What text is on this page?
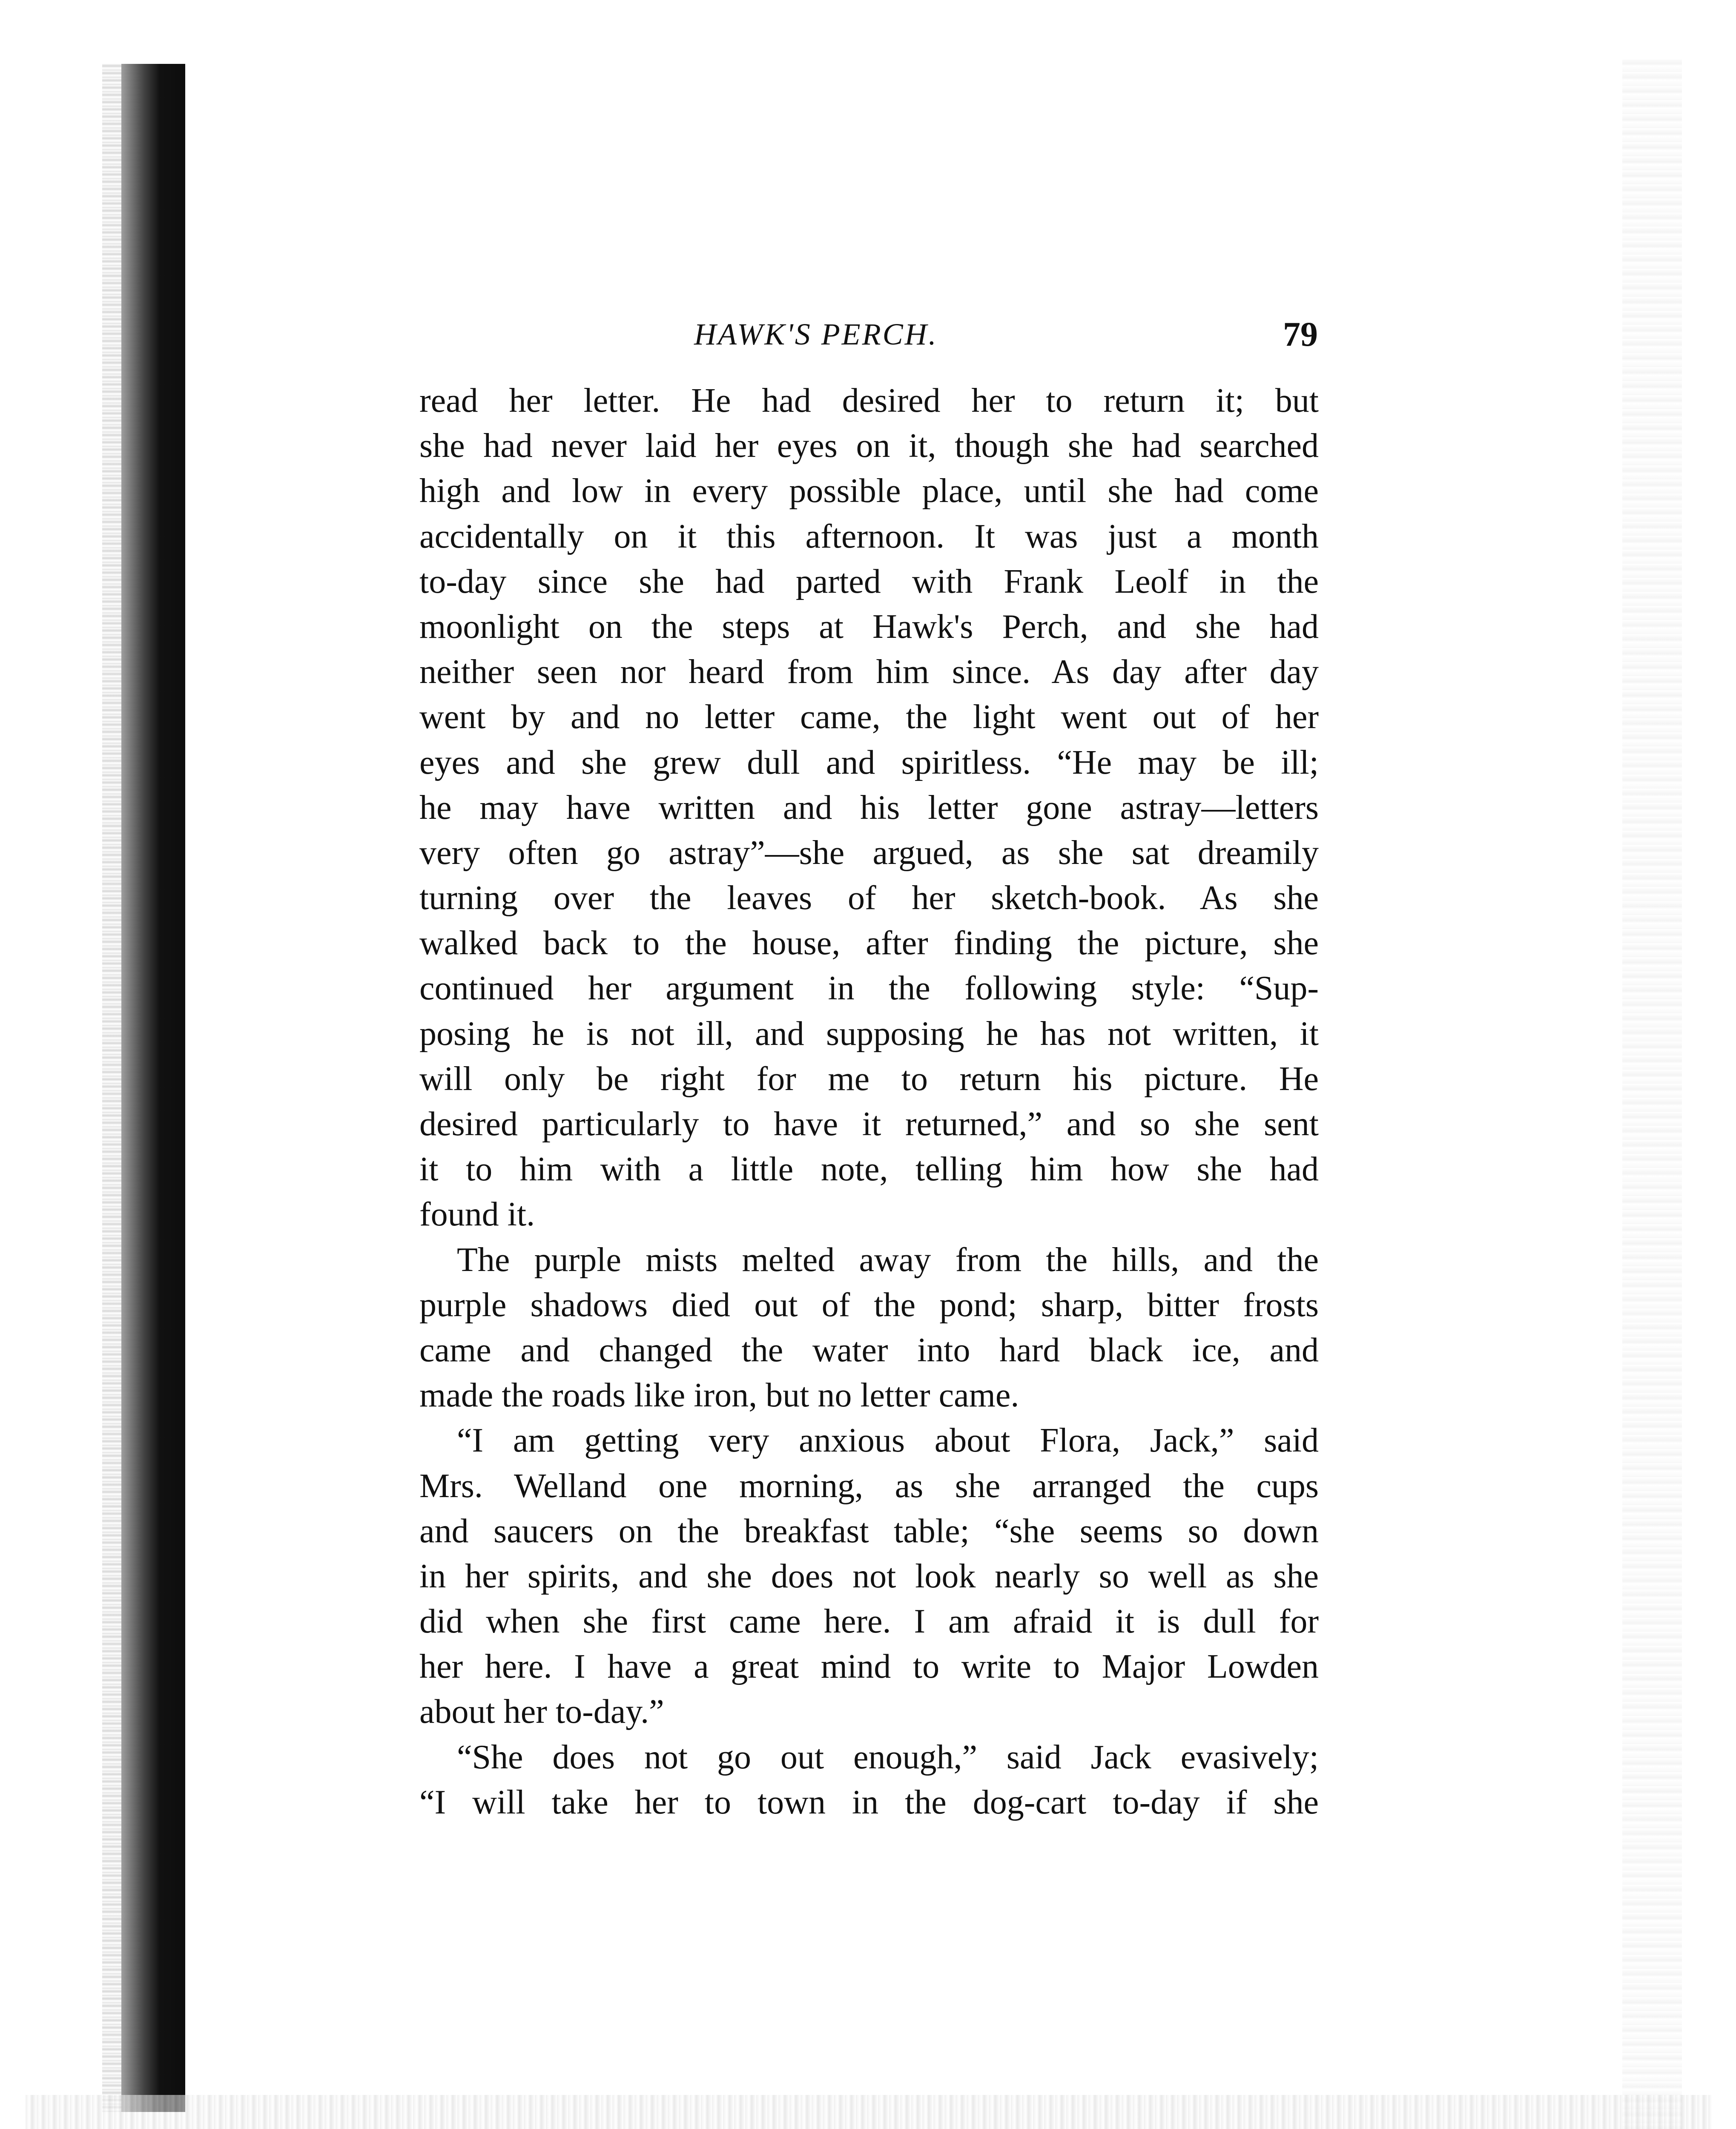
HAWK'S PERCH.	79
read her letter. He had desired her to return it; but
she had never laid her eyes on it, though she had searched
high and low in every possible place, until she had come
accidentally on it this afternoon. It was just a month
to-day since she had parted with Frank Leolf in the
moonlight on the steps at Hawk's Perch, and she had
neither seen nor heard from him since. As day after day
went by and no letter came, the light went out of her
eyes and she grew dull and spiritless. “He may be ill;
he may have written and his letter gone astray—letters
very often go astray”—she argued, as she sat dreamily
turning over the leaves of her sketch-book. As she
walked back to the house, after finding the picture, she
continued her argument in the following style: “Sup-
posing he is not ill, and supposing he has not written, it
will only be right for me to return his picture. He
desired particularly to have it returned,” and so she sent
it to him with a little note, telling him how she had
found it.
The purple mists melted away from the hills, and the
purple shadows died out of the pond; sharp, bitter frosts
came and changed the water into hard black ice, and
made the roads like iron, but no letter came.
“I am getting very anxious about Flora, Jack,” said
Mrs. Welland one morning, as she arranged the cups
and saucers on the breakfast table; “she seems so down
in her spirits, and she does not look nearly so well as she
did when she first came here. I am afraid it is dull for
her here. I have a great mind to write to Major Lowden
about her to-day.”
“She does not go out enough,” said Jack evasively;
“I will take her to town in the dog-cart to-day if she
